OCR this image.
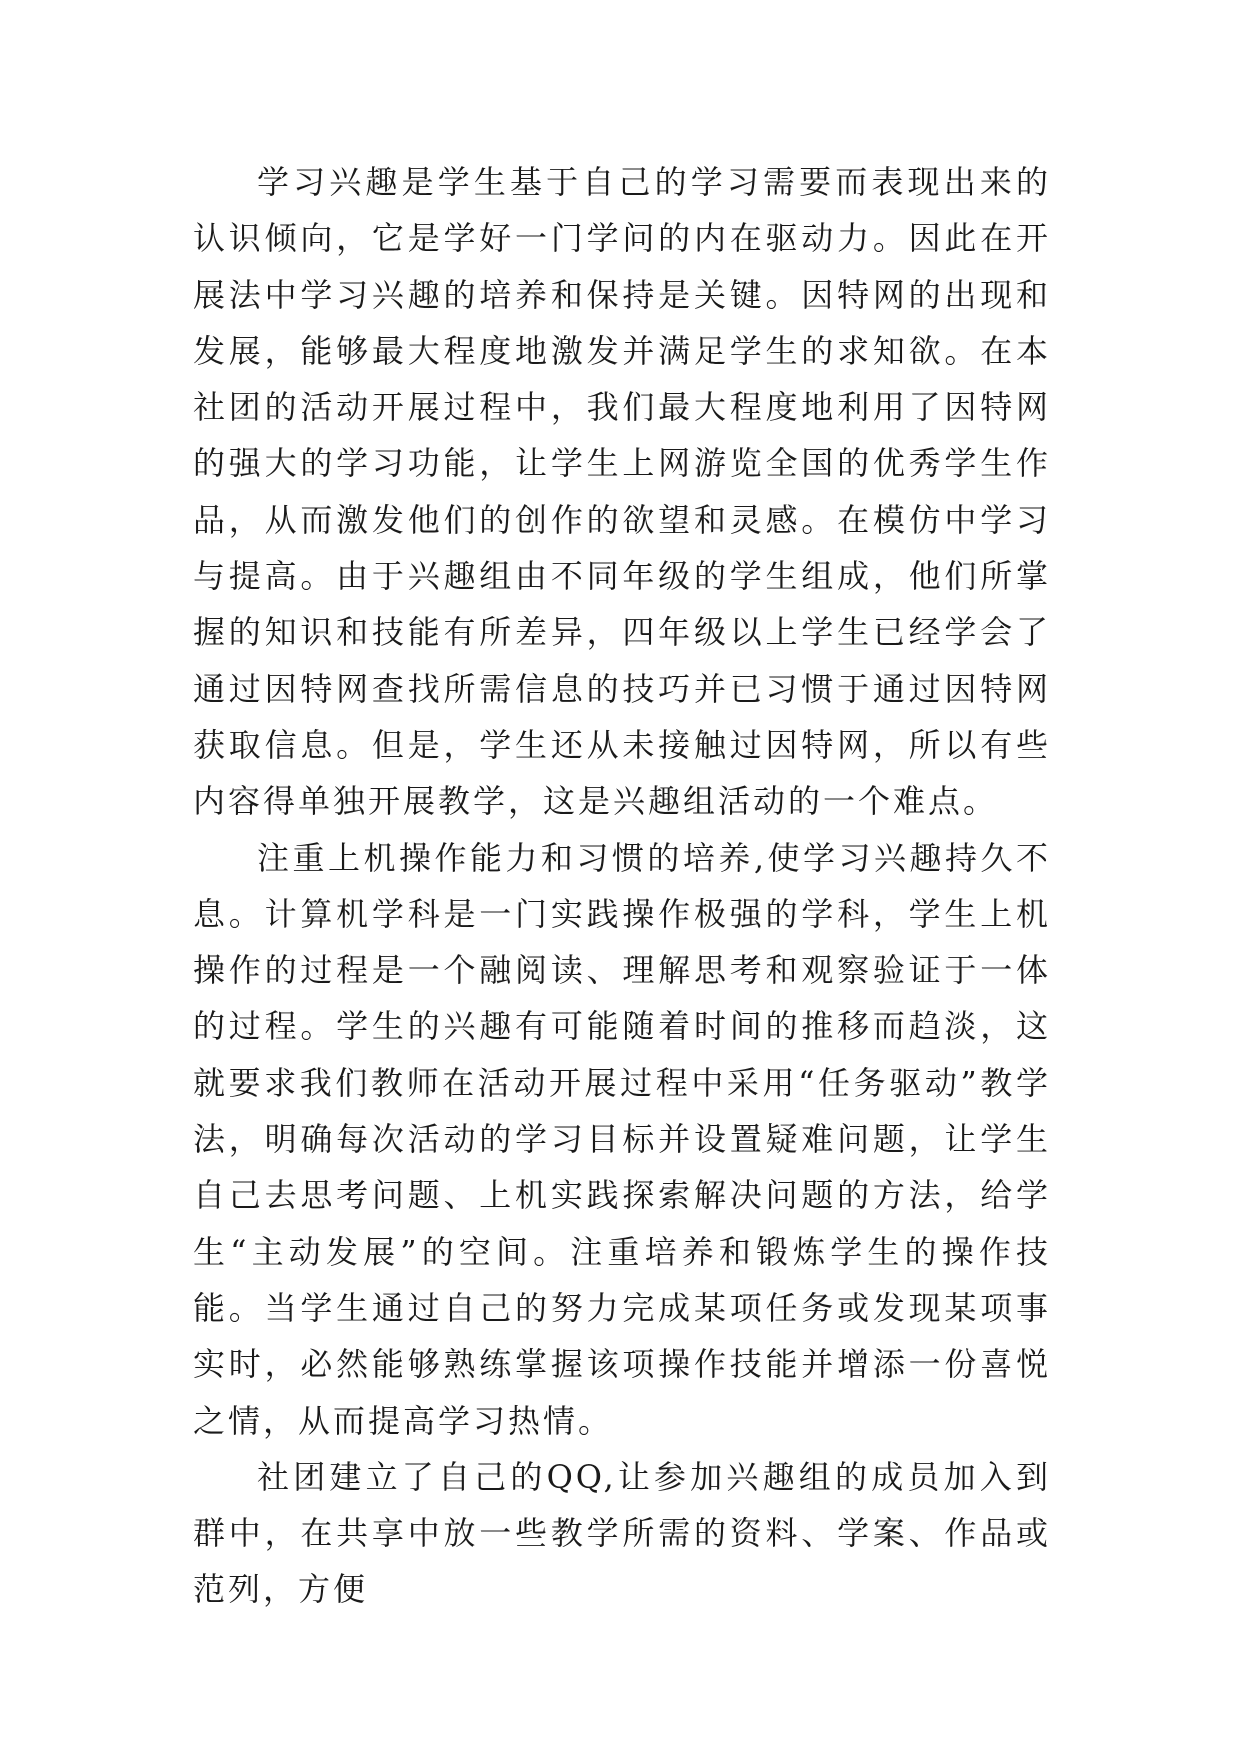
学习兴趣是学生基于自己的学习需要而表现出来的认识倾向，它是学好一门学问的内在驱动力。因此在开展法中学习兴趣的培养和保持是关键。因特网的出现和发展，能够最大程度地激发并满足学生的求知欲。在本社团的活动开展过程中，我们最大程度地利用了因特网的强大的学习功能，让学生上网游览全国的优秀学生作品，从而激发他们的创作的欲望和灵感。在模仿中学习与提高。由于兴趣组由不同年级的学生组成，他们所掌握的知识和技能有所差异，四年级以上学生已经学会了通过因特网查找所需信息的技巧并已习惯于通过因特网获取信息。但是，学生还从未接触过因特网，所以有些内容得单独开展教学，这是兴趣组活动的一个难点。

注重上机操作能力和习惯的培养,使学习兴趣持久不息。计算机学科是一门实践操作极强的学科，学生上机操作的过程是一个融阅读、理解思考和观察验证于一体的过程。学生的兴趣有可能随着时间的推移而趋淡，这就要求我们教师在活动开展过程中采用“任务驱动”教学法，明确每次活动的学习目标并设置疑难问题，让学生自己去思考问题、上机实践探索解决问题的方法，给学生“主动发展”的空间。注重培养和锻炼学生的操作技能。当学生通过自己的努力完成某项任务或发现某项事实时，必然能够熟练掌握该项操作技能并增添一份喜悦之情，从而提高学习热情。

社团建立了自己的QQ,让参加兴趣组的成员加入到群中，在共享中放一些教学所需的资料、学案、作品或范列，方便
